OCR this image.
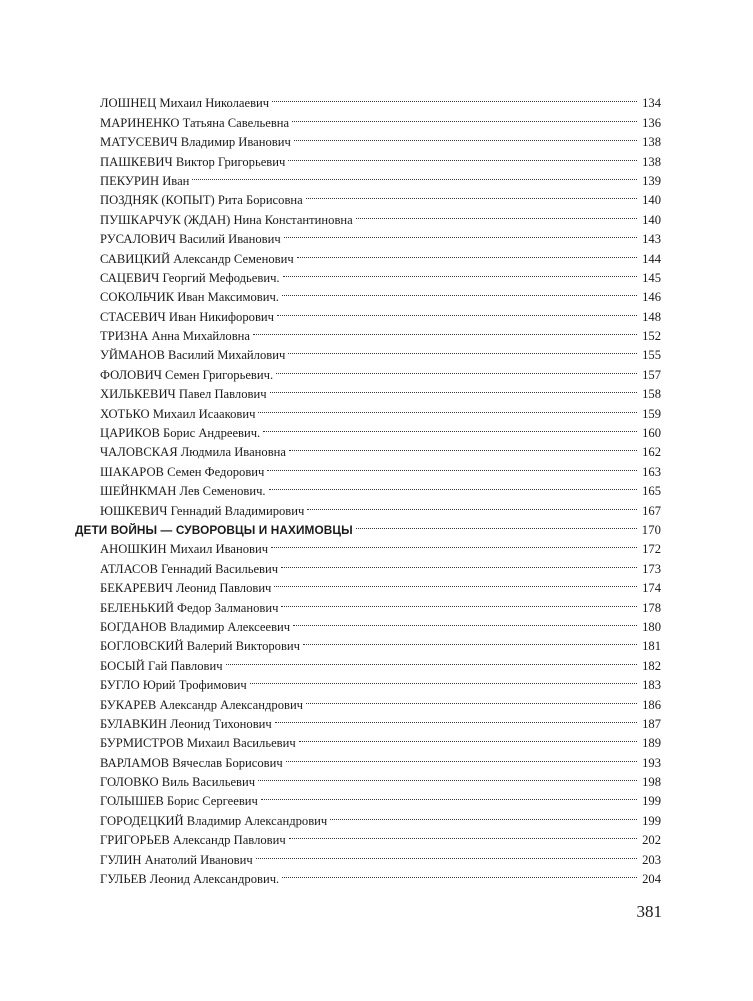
ЛОШНЕЦ Михаил Николаевич	134
МАРИНЕНКО Татьяна Савельевна	136
МАТУСЕВИЧ Владимир Иванович	138
ПАШКЕВИЧ Виктор Григорьевич	138
ПЕКУРИН Иван	139
ПОЗДНЯК (КОПЫТ) Рита Борисовна	140
ПУШКАРЧУК (ЖДАН) Нина Константиновна	140
РУСАЛОВИЧ Василий Иванович	143
САВИЦКИЙ Александр Семенович	144
САЦЕВИЧ Георгий Мефодьевич.	145
СОКОЛЬЧИК Иван Максимович.	146
СТАСЕВИЧ Иван Никифорович	148
ТРИЗНА Анна Михайловна	152
УЙМАНОВ Василий Михайлович	155
ФОЛОВИЧ Семен Григорьевич.	157
ХИЛЬКЕВИЧ Павел Павлович	158
ХОТЬКО Михаил Исаакович	159
ЦАРИКОВ Борис Андреевич.	160
ЧАЛОВСКАЯ Людмила Ивановна	162
ШАКАРОВ Семен Федорович	163
ШЕЙНКМАН Лев Семенович.	165
ЮШКЕВИЧ Геннадий Владимирович	167
ДЕТИ ВОЙНЫ — СУВОРОВЦЫ И НАХИМОВЦЫ	170
АНОШКИН Михаил Иванович	172
АТЛАСОВ Геннадий Васильевич	173
БЕКАРЕВИЧ Леонид Павлович	174
БЕЛЕНЬКИЙ Федор Залманович	178
БОГДАНОВ Владимир Алексеевич	180
БОГЛОВСКИЙ Валерий Викторович	181
БОСЫЙ Гай Павлович	182
БУГЛО Юрий Трофимович	183
БУКАРЕВ Александр Александрович	186
БУЛАВКИН Леонид Тихонович	187
БУРМИСТРОВ Михаил Васильевич	189
ВАРЛАМОВ Вячеслав Борисович	193
ГОЛОВКО Виль Васильевич	198
ГОЛЫШЕВ Борис Сергеевич	199
ГОРОДЕЦКИЙ Владимир Александрович	199
ГРИГОРЬЕВ Александр Павлович	202
ГУЛИН Анатолий Иванович	203
ГУЛЬЕВ Леонид Александрович.	204
381
